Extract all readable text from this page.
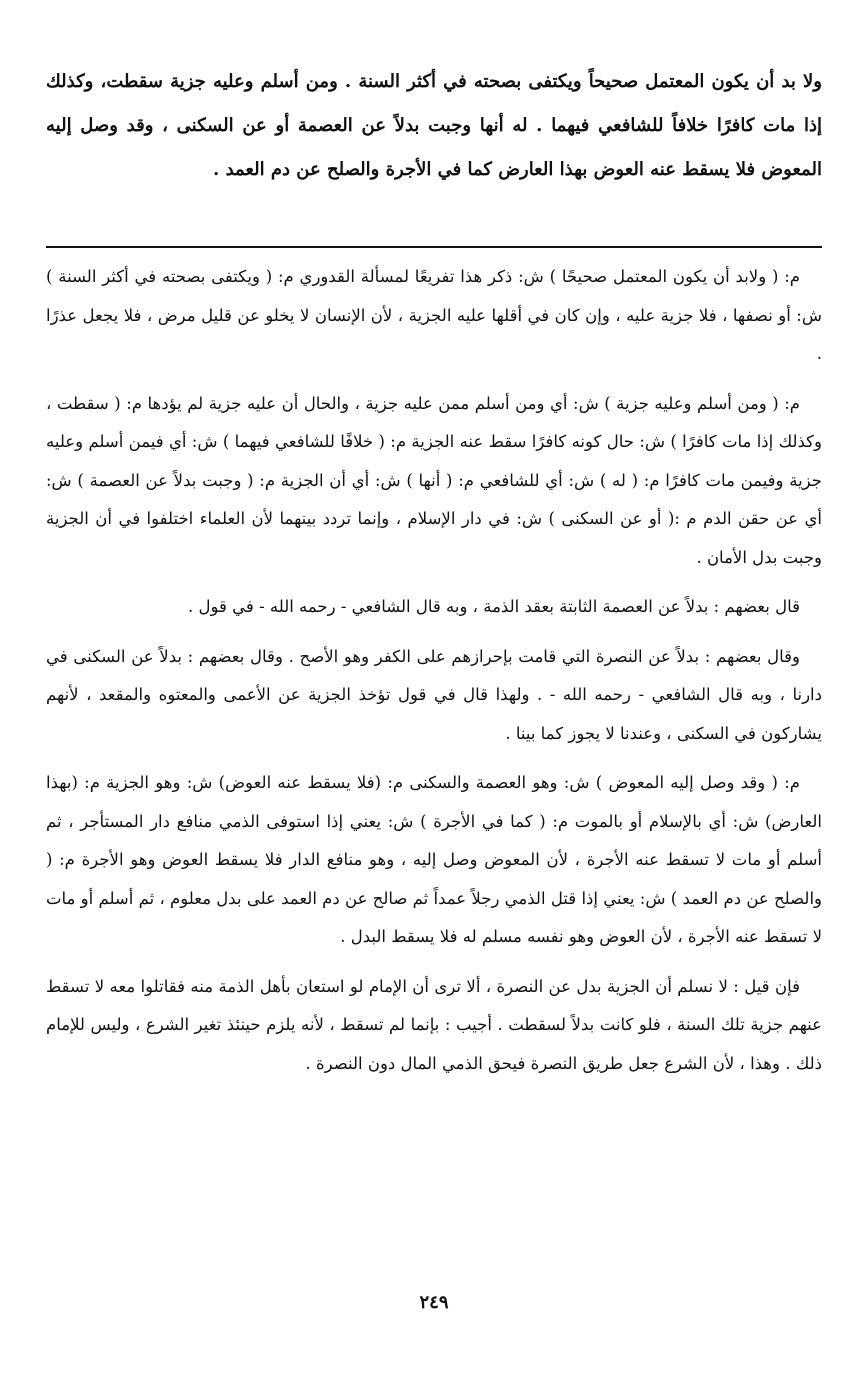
ولا بد أن يكون المعتمل صحيحاً ويكتفى بصحته في أكثر السنة . ومن أسلم وعليه جزية سقطت، وكذلك إذا مات كافرًا خلافاً للشافعي فيهما . له أنها وجبت بدلاً عن العصمة أو عن السكنى ، وقد وصل إليه المعوض فلا يسقط عنه العوض بهذا العارض كما في الأجرة والصلح عن دم العمد .

م: ( ولابد أن يكون المعتمل صحيحًا ) ش: ذكر هذا تفريعًا لمسألة القدوري م: ( ويكتفى بصحته في أكثر السنة ) ش: أو نصفها ، فلا جزية عليه ، وإن كان في أقلها عليه الجزية ، لأن الإنسان لا يخلو عن قليل مرض ، فلا يجعل عذرًا .

م: ( ومن أسلم وعليه جزية ) ش: أي ومن أسلم ممن عليه جزية ، والحال أن عليه جزية لم يؤدها م: ( سقطت ، وكذلك إذا مات كافرًا ) ش: حال كونه كافرًا سقط عنه الجزية م: ( خلافًا للشافعي فيهما ) ش: أي فيمن أسلم وعليه جزية وفيمن مات كافرًا م: ( له ) ش: أي للشافعي م: ( أنها ) ش: أي أن الجزية م: ( وجبت بدلاً عن العصمة ) ش: أي عن حقن الدم م :( أو عن السكنى ) ش: في دار الإسلام ، وإنما تردد بينهما لأن العلماء اختلفوا في أن الجزية وجبت بدل الأمان .

قال بعضهم : بدلاً عن العصمة الثابتة بعقد الذمة ، وبه قال الشافعي - رحمه الله - في قول .

وقال بعضهم : بدلاً عن النصرة التي قامت بإحرازهم على الكفر وهو الأصح . وقال بعضهم : بدلاً عن السكنى في دارنا ، وبه قال الشافعي - رحمه الله - . ولهذا قال في قول تؤخذ الجزية عن الأعمى والمعتوه والمقعد ، لأنهم يشاركون في السكنى ، وعندنا لا يجوز كما بينا .

م: ( وقد وصل إليه المعوض ) ش: وهو العصمة والسكنى م: (فلا يسقط عنه العوض) ش: وهو الجزية م: (بهذا العارض) ش: أي بالإسلام أو بالموت م: ( كما في الأجرة ) ش: يعني إذا استوفى الذمي منافع دار المستأجر ، ثم أسلم أو مات لا تسقط عنه الأجرة ، لأن المعوض وصل إليه ، وهو منافع الدار فلا يسقط العوض وهو الأجرة م: ( والصلح عن دم العمد ) ش: يعني إذا قتل الذمي رجلاً عمداً ثم صالح عن دم العمد على بدل معلوم ، ثم أسلم أو مات لا تسقط عنه الأجرة ، لأن العوض وهو نفسه مسلم له فلا يسقط البدل .

فإن قيل : لا نسلم أن الجزية بدل عن النصرة ، ألا ترى أن الإمام لو استعان بأهل الذمة منه فقاتلوا معه لا تسقط عنهم جزية تلك السنة ، فلو كانت بدلاً لسقطت . أجيب : بإنما لم تسقط ، لأنه يلزم حينئذ تغير الشرع ، وليس للإمام ذلك . وهذا ، لأن الشرع جعل طريق النصرة فيحق الذمي المال دون النصرة .

٢٤٩
